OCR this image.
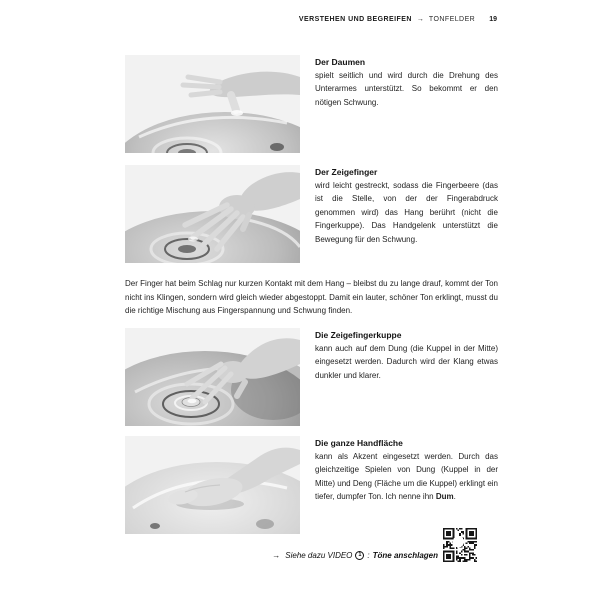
VERSTEHEN UND BEGREIFEN → TONFELDER 19
Der Daumen

spielt seitlich und wird durch die Drehung des Unterarmes unterstützt. So bekommt er den nötigen Schwung.

Der Zeigefinger

wird leicht gestreckt, sodass die Fingerbeere (das ist die Stelle, von der der Fingerabdruck genommen wird) das Hang berührt (nicht die Fingerkuppe). Das Handgelenk unterstützt die Bewegung für den Schwung.

Der Finger hat beim Schlag nur kurzen Kontakt mit dem Hang – bleibst du zu lange drauf, kommt der Ton nicht ins Klingen, sondern wird gleich wieder abgestoppt. Damit ein lauter, schöner Ton erklingt, musst du die richtige Mischung aus Fingerspannung und Schwung finden.

Die Zeigefingerkuppe

kann auch auf dem Dung (die Kuppel in der Mitte) eingesetzt werden. Dadurch wird der Klang etwas dunkler und klarer.

Die ganze Handfläche

kann als Akzent eingesetzt werden. Durch das gleichzeitige Spielen von Dung (Kuppel in der Mitte) und Deng (Fläche um die Kuppel) erklingt ein tiefer, dumpfer Ton. Ich nenne ihn Dum.

→ Siehe dazu VIDEO	1 : Töne anschlagen
